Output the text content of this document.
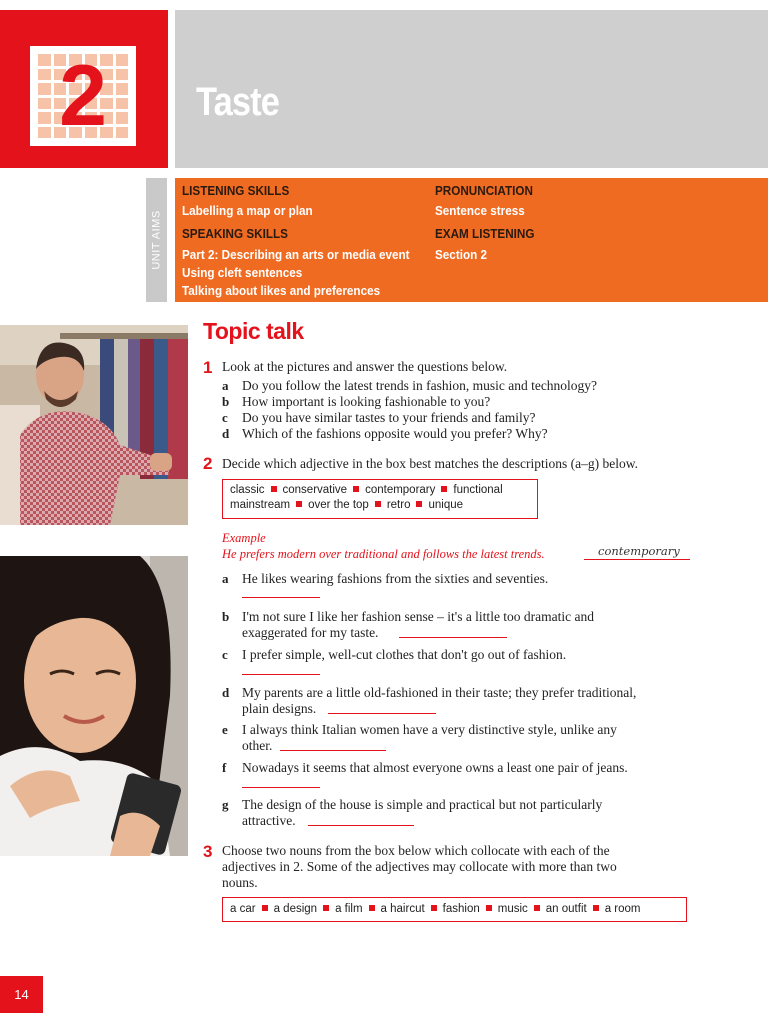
2	Taste
UNIT AIMS
LISTENING SKILLS
Labelling a map or plan
SPEAKING SKILLS
Part 2: Describing an arts or media event
Using cleft sentences
Talking about likes and preferences
PRONUNCIATION
Sentence stress
EXAM LISTENING
Section 2
Topic talk
1 Look at the pictures and answer the questions below.
a Do you follow the latest trends in fashion, music and technology?
b How important is looking fashionable to you?
c Do you have similar tastes to your friends and family?
d Which of the fashions opposite would you prefer? Why?
2 Decide which adjective in the box best matches the descriptions (a–g) below.
classic conservative contemporary functional
mainstream over the top retro unique
Example
He prefers modern over traditional and follows the latest trends.	contemporary
a He likes wearing fashions from the sixties and seventies.
b I'm not sure I like her fashion sense – it's a little too dramatic and
exaggerated for my taste.
c I prefer simple, well-cut clothes that don't go out of fashion.
d My parents are a little old-fashioned in their taste; they prefer traditional,
plain designs.
e I always think Italian women have a very distinctive style, unlike any
other.
f Nowadays it seems that almost everyone owns a least one pair of jeans.
g The design of the house is simple and practical but not particularly
attractive.
3 Choose two nouns from the box below which collocate with each of the
adjectives in 2. Some of the adjectives may collocate with more than two
nouns.
a car a design a film a haircut fashion music an outfit a room
14
